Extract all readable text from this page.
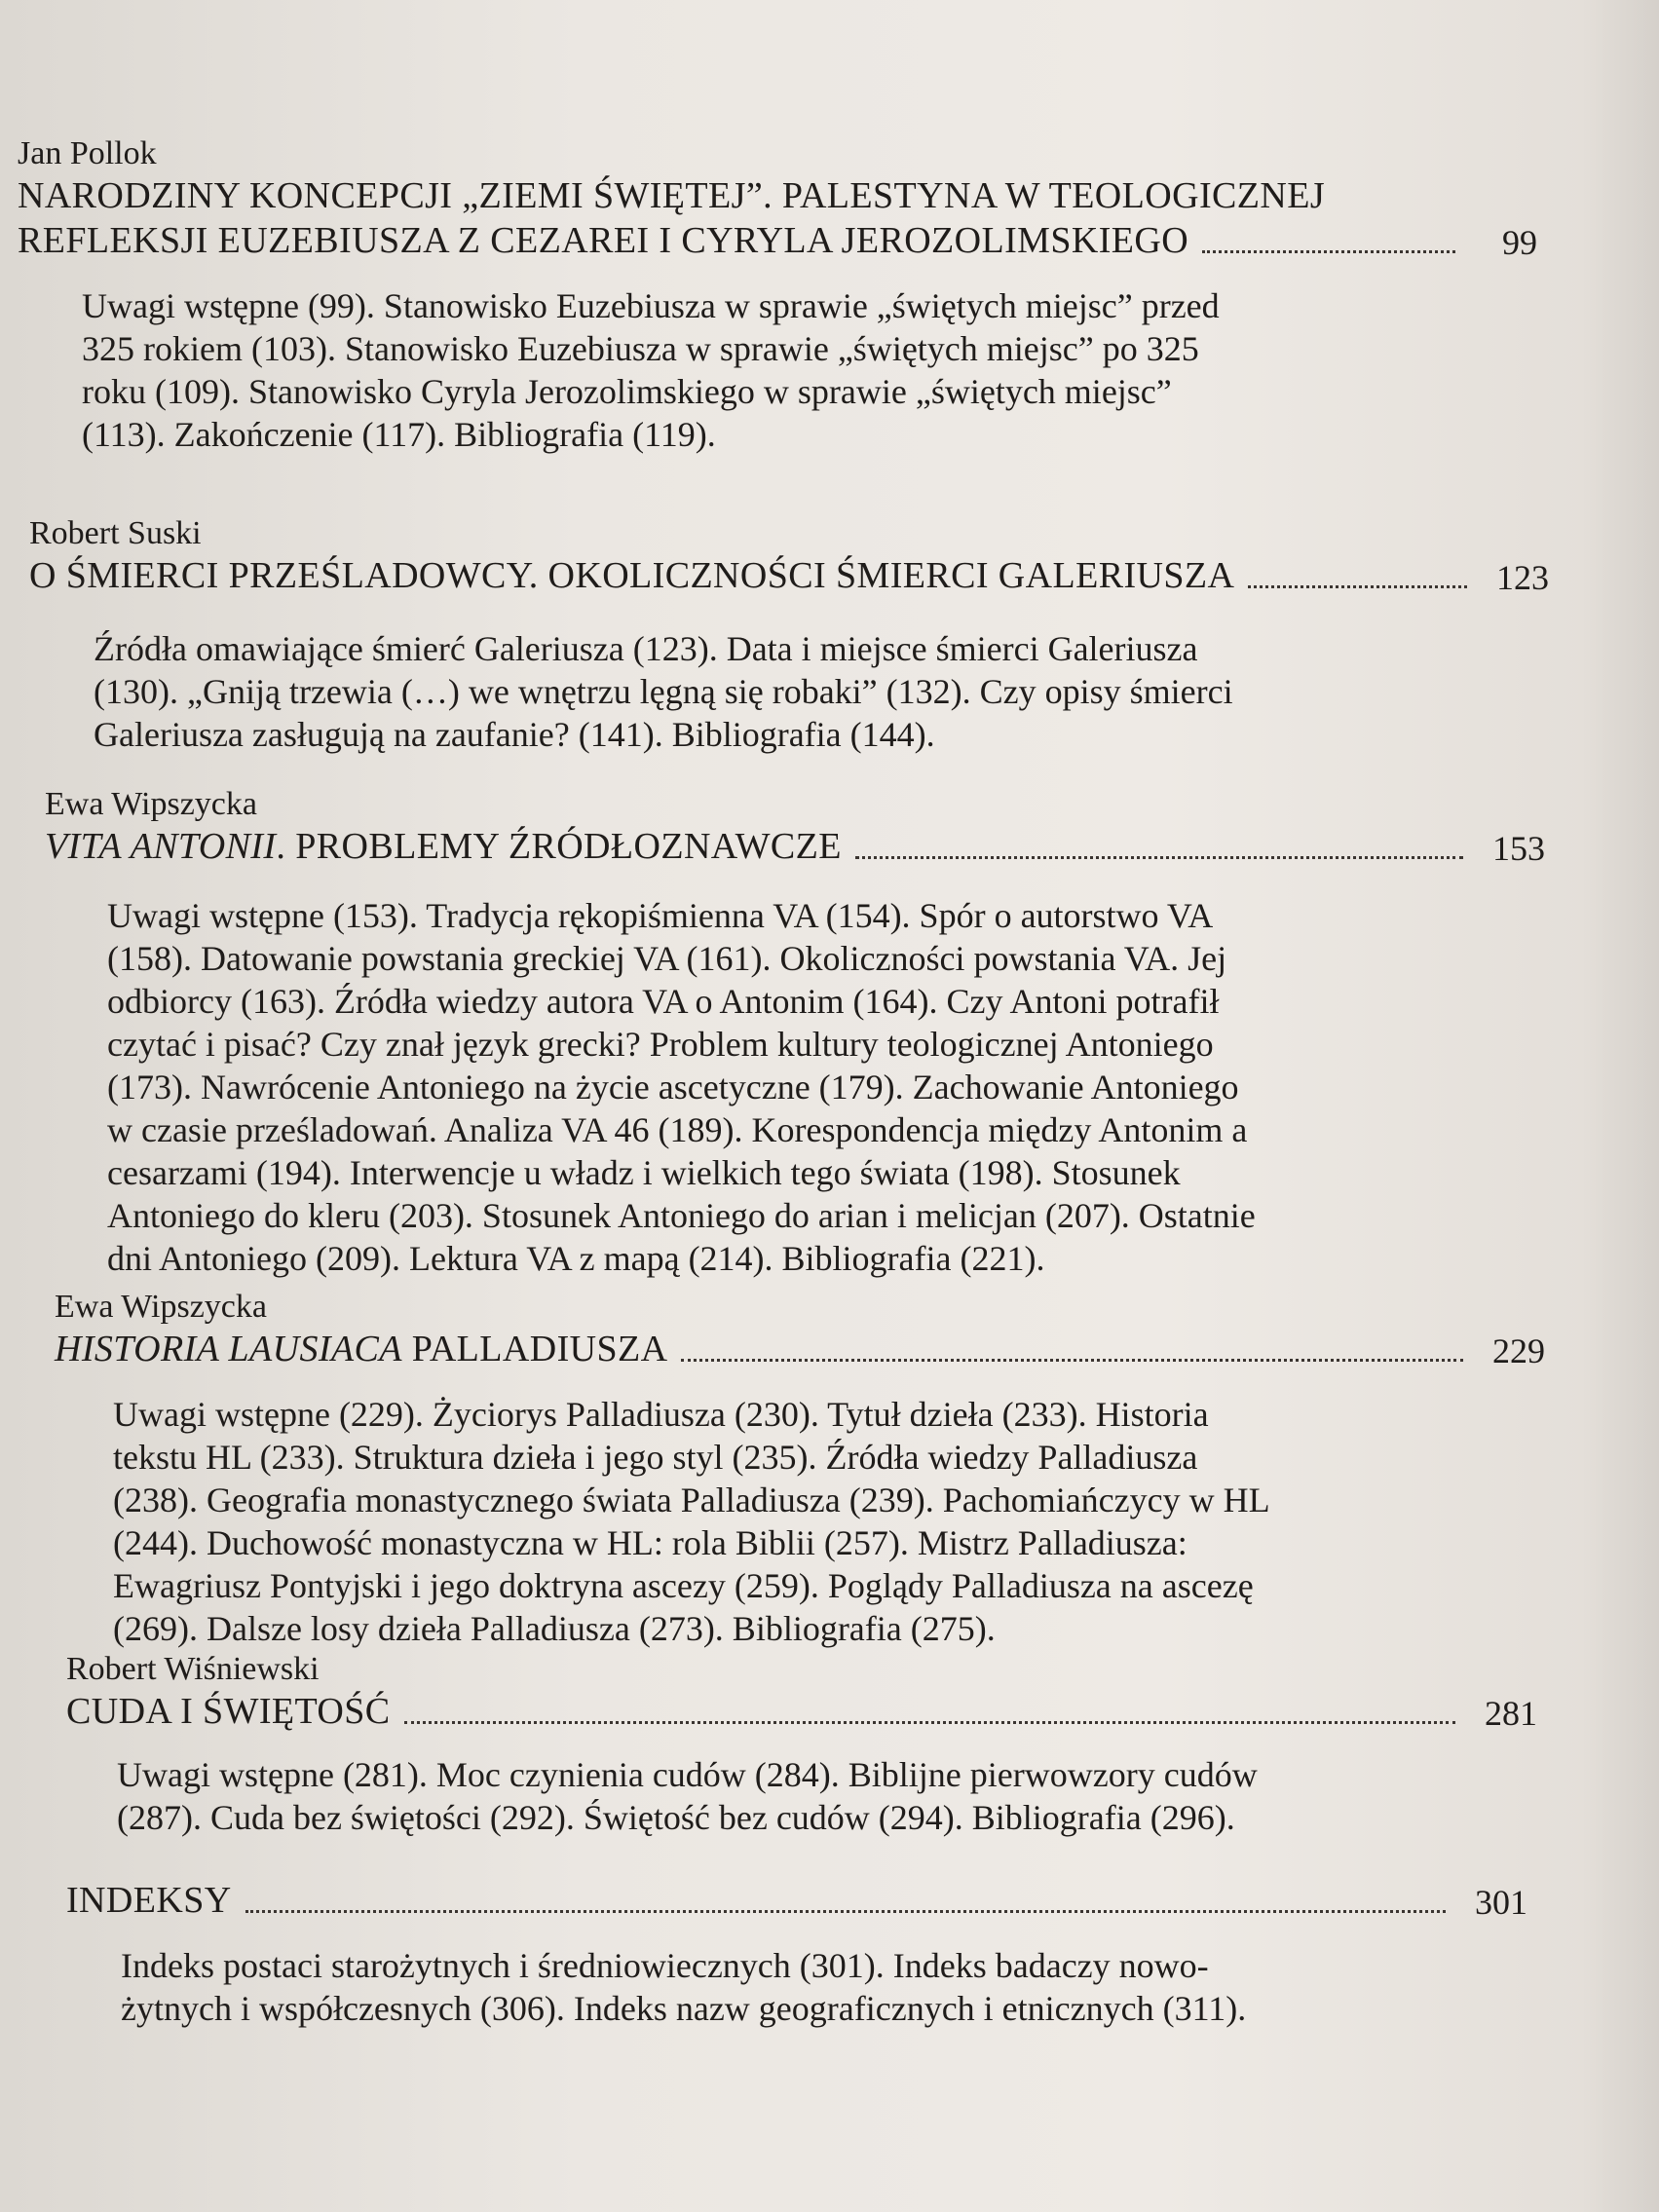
Jan Pollok

NARODZINY KONCEPCJI „ZIEMI ŚWIĘTEJ”. PALESTYNA W TEOLOGICZNEJ

REFLEKSJI EUZEBIUSZA Z CEZAREI I CYRYLA JEROZOLIMSKIEGO	99

Uwagi wstępne (99). Stanowisko Euzebiusza w sprawie „świętych miejsc” przed

325 rokiem (103). Stanowisko Euzebiusza w sprawie „świętych miejsc” po 325

roku (109). Stanowisko Cyryla Jerozolimskiego w sprawie „świętych miejsc”

(113). Zakończenie (117). Bibliografia (119).

Robert Suski

O ŚMIERCI PRZEŚLADOWCY. OKOLICZNOŚCI ŚMIERCI GALERIUSZA	123

Źródła omawiające śmierć Galeriusza (123). Data i miejsce śmierci Galeriusza

(130). „Gniją trzewia (…) we wnętrzu lęgną się robaki” (132). Czy opisy śmierci

Galeriusza zasługują na zaufanie? (141). Bibliografia (144).

Ewa Wipszycka

VITA ANTONII. PROBLEMY ŹRÓDŁOZNAWCZE	153

Uwagi wstępne (153). Tradycja rękopiśmienna VA (154). Spór o autorstwo VA

(158). Datowanie powstania greckiej VA (161). Okoliczności powstania VA. Jej

odbiorcy (163). Źródła wiedzy autora VA o Antonim (164). Czy Antoni potrafił

czytać i pisać? Czy znał język grecki? Problem kultury teologicznej Antoniego

(173). Nawrócenie Antoniego na życie ascetyczne (179). Zachowanie Antoniego

w czasie prześladowań. Analiza VA 46 (189). Korespondencja między Antonim a

cesarzami (194). Interwencje u władz i wielkich tego świata (198). Stosunek

Antoniego do kleru (203). Stosunek Antoniego do arian i melicjan (207). Ostatnie

dni Antoniego (209). Lektura VA z mapą (214). Bibliografia (221).

Ewa Wipszycka

HISTORIA LAUSIACA PALLADIUSZA	229

Uwagi wstępne (229). Życiorys Palladiusza (230). Tytuł dzieła (233). Historia

tekstu HL (233). Struktura dzieła i jego styl (235). Źródła wiedzy Palladiusza

(238). Geografia monastycznego świata Palladiusza (239). Pachomiańczycy w HL

(244). Duchowość monastyczna w HL: rola Biblii (257). Mistrz Palladiusza:

Ewagriusz Pontyjski i jego doktryna ascezy (259). Poglądy Palladiusza na ascezę

(269). Dalsze losy dzieła Palladiusza (273). Bibliografia (275).

Robert Wiśniewski

CUDA I ŚWIĘTOŚĆ	281

Uwagi wstępne (281). Moc czynienia cudów (284). Biblijne pierwowzory cudów

(287). Cuda bez świętości (292). Świętość bez cudów (294). Bibliografia (296).

INDEKSY	301

Indeks postaci starożytnych i średniowiecznych (301). Indeks badaczy nowo-

żytnych i współczesnych (306). Indeks nazw geograficznych i etnicznych (311).
